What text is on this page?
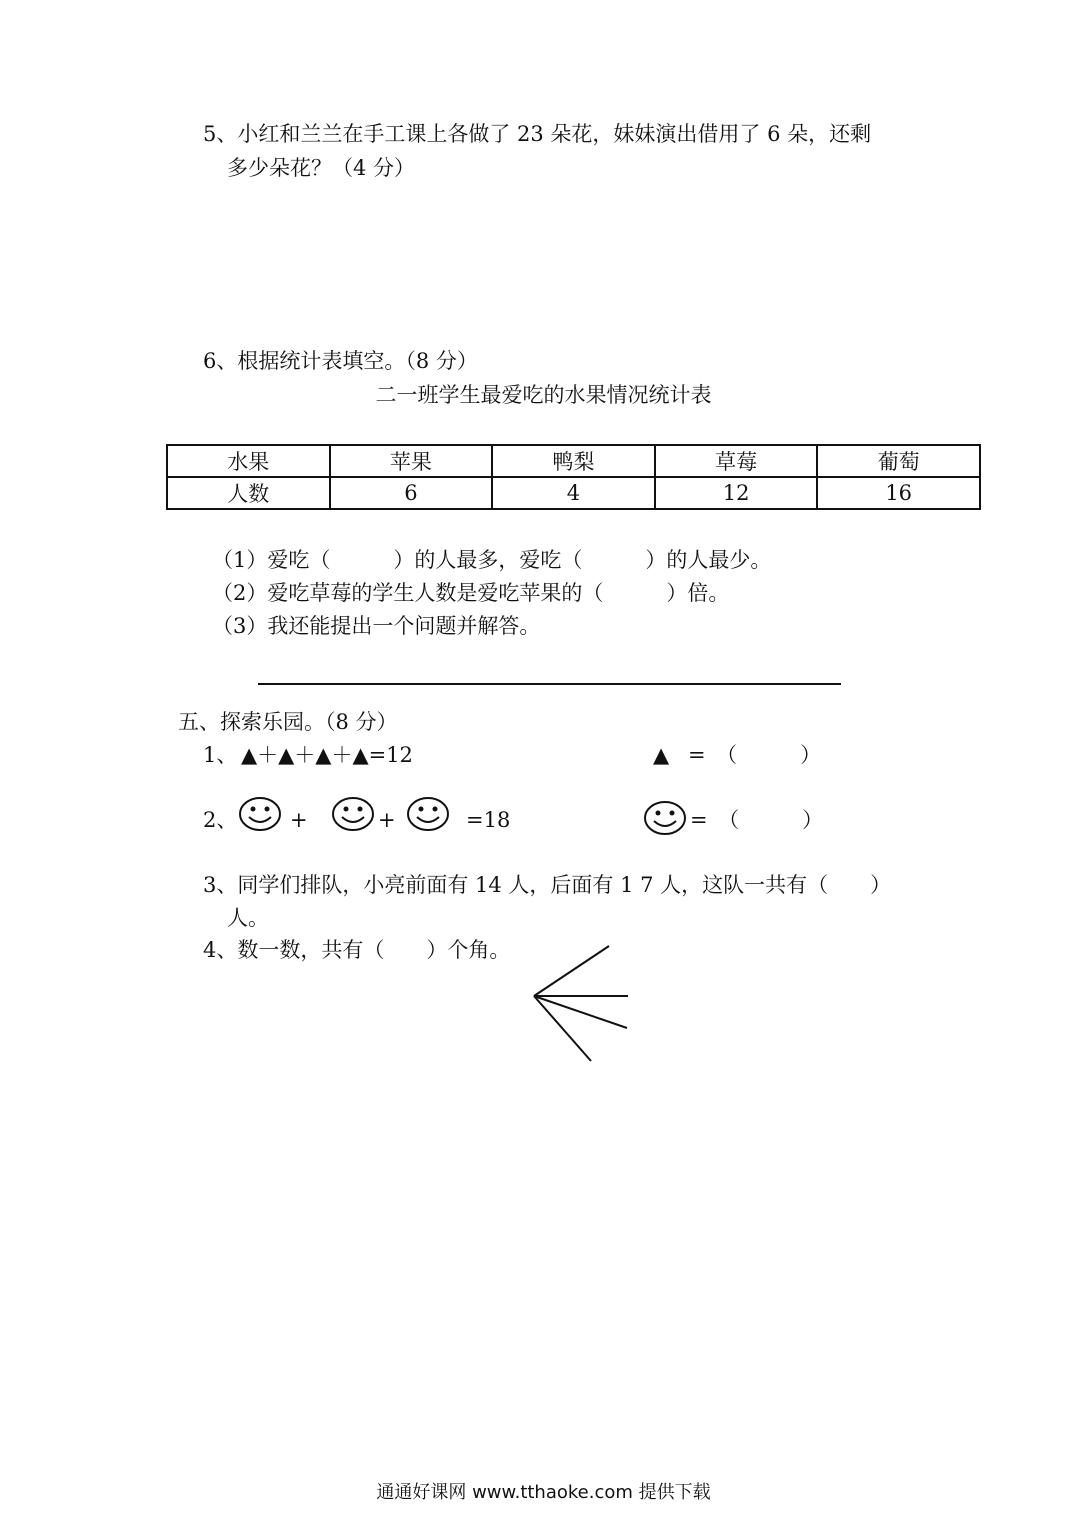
5、小红和兰兰在手工课上各做了 23 朵花，妹妹演出借用了 6 朵，还剩
多少朵花？（4 分）
6、根据统计表填空。（8 分）
二一班学生最爱吃的水果情况统计表
水果	苹果	鸭梨	草莓	葡萄
人数	6	4	12	16
（1）爱吃（　　　）的人最多，爱吃（　　　）的人最少。
（2）爱吃草莓的学生人数是爱吃苹果的（　　　）倍。
（3）我还能提出一个问题并解答。
五、探索乐园。（8 分）
1、 ▲＋▲＋▲＋▲=12	▲ =　（　　　）
2、	+	+	=18	=　（　　　）
3、同学们排队，小亮前面有 14 人，后面有 1 7 人，这队一共有（　　）
人。
4、数一数，共有（　　）个角。
通通好课网 www.tthaoke.com 提供下载
